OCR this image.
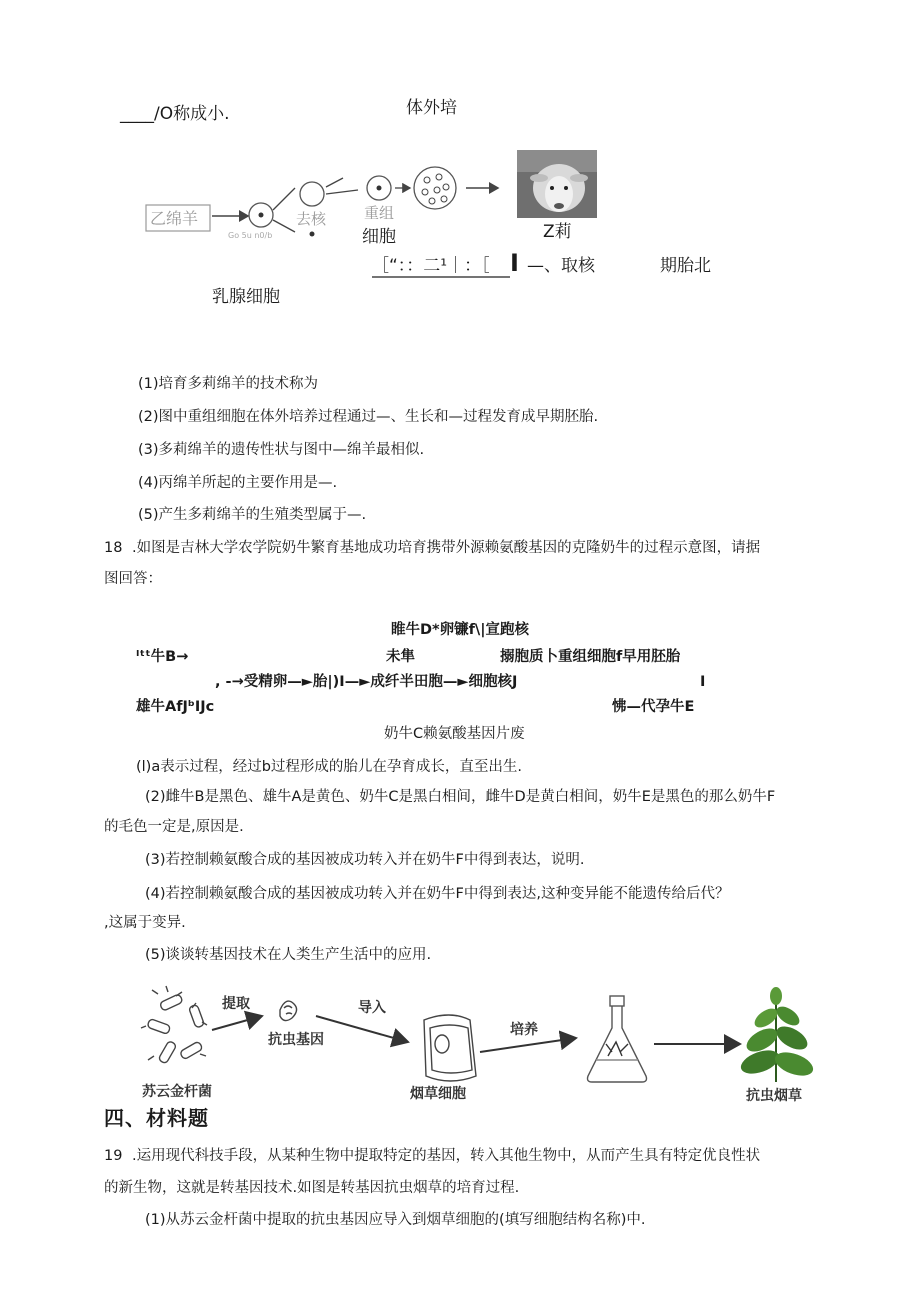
____/O称成小.	体外培
乙绵羊
Go 5u n0/b
去核	重组
细胞	Z莉
［“：：二¹｜：［ I —、取核	期胎北
乳腺细胞
(1)培育多莉绵羊的技术称为
(2)图中重组细胞在体外培养过程通过—、生长和—过程发育成早期胚胎.
(3)多莉绵羊的遗传性状与图中—绵羊最相似.
(4)丙绵羊所起的主要作用是—.
(5)产生多莉绵羊的生殖类型属于—.
18 .如图是吉林大学农学院奶牛繁育基地成功培育携带外源赖氨酸基因的克隆奶牛的过程示意图，请据
图回答：
睢牛D*卵镰f\|宣跑核
ᴵᵗᵗ牛B→	未隼	搦胞质卜重组细胞f早用胚胎
, -→受精卵—►胎|)I—►成纤半田胞—►细胞核J	I
雄牛AfJᵇIJc	怫—代孕牛E
奶牛C赖氨酸基因片废
(l)a表示过程，经过b过程形成的胎儿在孕育成长，直至出生.
(2)雌牛B是黑色、雄牛A是黄色、奶牛C是黑白相间，雌牛D是黄白相间，奶牛E是黑色的那么奶牛F
的毛色一定是,原因是.
(3)若控制赖氨酸合成的基因被成功转入并在奶牛F中得到表达，说明.
(4)若控制赖氨酸合成的基因被成功转入并在奶牛F中得到表达,这种变异能不能遗传给后代？
,这属于变异.
(5)谈谈转基因技术在人类生产生活中的应用.
苏云金杆菌
提取
抗虫基因
导入
烟草细胞
培养
抗虫烟草
四、材料题
19 .运用现代科技手段，从某种生物中提取特定的基因，转入其他生物中，从而产生具有特定优良性状
的新生物，这就是转基因技术.如图是转基因抗虫烟草的培育过程.
(1)从苏云金杆菌中提取的抗虫基因应导入到烟草细胞的(填写细胞结构名称)中.
